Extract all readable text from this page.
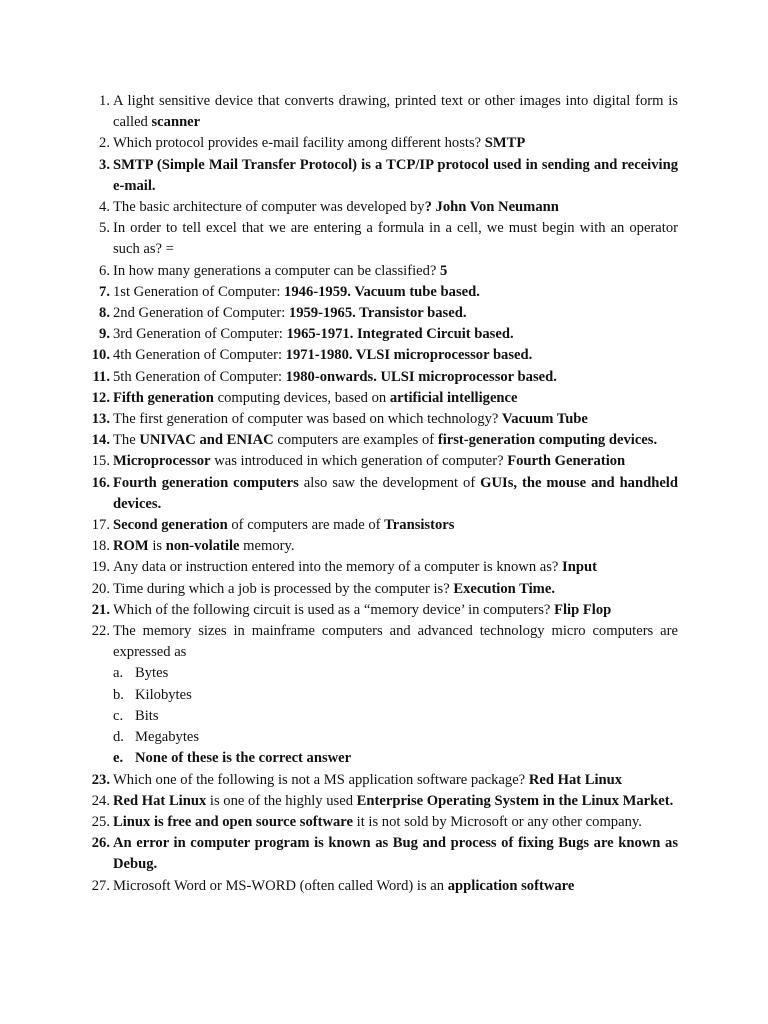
1. A light sensitive device that converts drawing, printed text or other images into digital form is called scanner
2. Which protocol provides e-mail facility among different hosts? SMTP
3. SMTP (Simple Mail Transfer Protocol) is a TCP/IP protocol used in sending and receiving e-mail.
4. The basic architecture of computer was developed by? John Von Neumann
5. In order to tell excel that we are entering a formula in a cell, we must begin with an operator such as? =
6. In how many generations a computer can be classified? 5
7. 1st Generation of Computer: 1946-1959. Vacuum tube based.
8. 2nd Generation of Computer: 1959-1965. Transistor based.
9. 3rd Generation of Computer: 1965-1971. Integrated Circuit based.
10. 4th Generation of Computer: 1971-1980. VLSI microprocessor based.
11. 5th Generation of Computer: 1980-onwards. ULSI microprocessor based.
12. Fifth generation computing devices, based on artificial intelligence
13. The first generation of computer was based on which technology? Vacuum Tube
14. The UNIVAC and ENIAC computers are examples of first-generation computing devices.
15. Microprocessor was introduced in which generation of computer? Fourth Generation
16. Fourth generation computers also saw the development of GUIs, the mouse and handheld devices.
17. Second generation of computers are made of Transistors
18. ROM is non-volatile memory.
19. Any data or instruction entered into the memory of a computer is known as? Input
20. Time during which a job is processed by the computer is? Execution Time.
21. Which of the following circuit is used as a “memory device’ in computers? Flip Flop
22. The memory sizes in mainframe computers and advanced technology micro computers are expressed as
a. Bytes
b. Kilobytes
c. Bits
d. Megabytes
e. None of these is the correct answer
23. Which one of the following is not a MS application software package? Red Hat Linux
24. Red Hat Linux is one of the highly used Enterprise Operating System in the Linux Market.
25. Linux is free and open source software it is not sold by Microsoft or any other company.
26. An error in computer program is known as Bug and process of fixing Bugs are known as Debug.
27. Microsoft Word or MS-WORD (often called Word) is an application software
